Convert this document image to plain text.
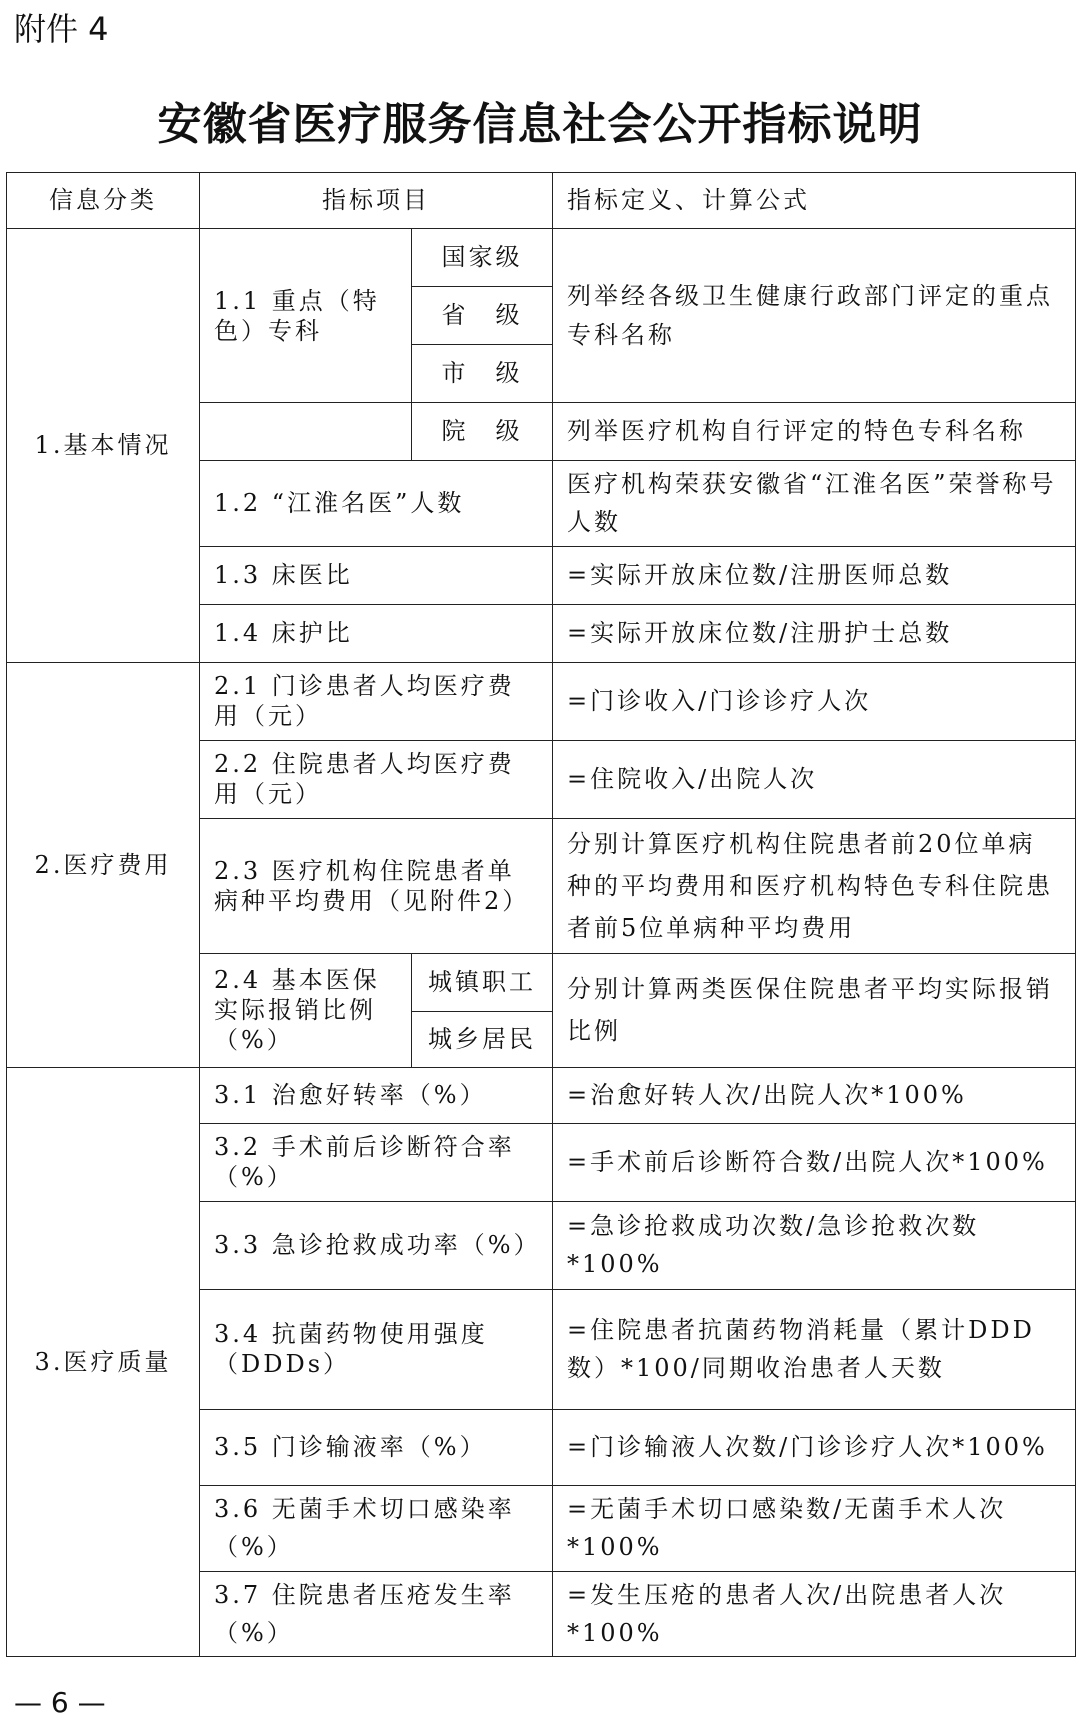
附件 4
安徽省医疗服务信息社会公开指标说明
信息分类	指标项目		指标定义、计算公式
1.基本情况	1.1 重点（特色）专科	国家级	列举经各级卫生健康行政部门评定的重点专科名称
		省　级	
		市　级	
		院　级	列举医疗机构自行评定的特色专科名称
	1.2 “江淮名医”人数		医疗机构荣获安徽省“江淮名医”荣誉称号人数
	1.3 床医比		=实际开放床位数/注册医师总数
	1.4 床护比		=实际开放床位数/注册护士总数
2.医疗费用	2.1 门诊患者人均医疗费用（元）		=门诊收入/门诊诊疗人次
	2.2 住院患者人均医疗费用（元）		=住院收入/出院人次
	2.3 医疗机构住院患者单病种平均费用（见附件2）		分别计算医疗机构住院患者前20位单病种的平均费用和医疗机构特色专科住院患者前5位单病种平均费用
	2.4 基本医保实际报销比例（%）	城镇职工	分别计算两类医保住院患者平均实际报销比例
		城乡居民	
3.医疗质量	3.1 治愈好转率（%）		=治愈好转人次/出院人次*100%
	3.2 手术前后诊断符合率（%）		=手术前后诊断符合数/出院人次*100%
	3.3 急诊抢救成功率（%）		=急诊抢救成功次数/急诊抢救次数*100%
	3.4 抗菌药物使用强度（DDDs）		=住院患者抗菌药物消耗量（累计DDD数）*100/同期收治患者人天数
	3.5 门诊输液率（%）		=门诊输液人次数/门诊诊疗人次*100%
	3.6 无菌手术切口感染率（%）		=无菌手术切口感染数/无菌手术人次*100%
	3.7 住院患者压疮发生率（%）		=发生压疮的患者人次/出院患者人次*100%
— 6 —
